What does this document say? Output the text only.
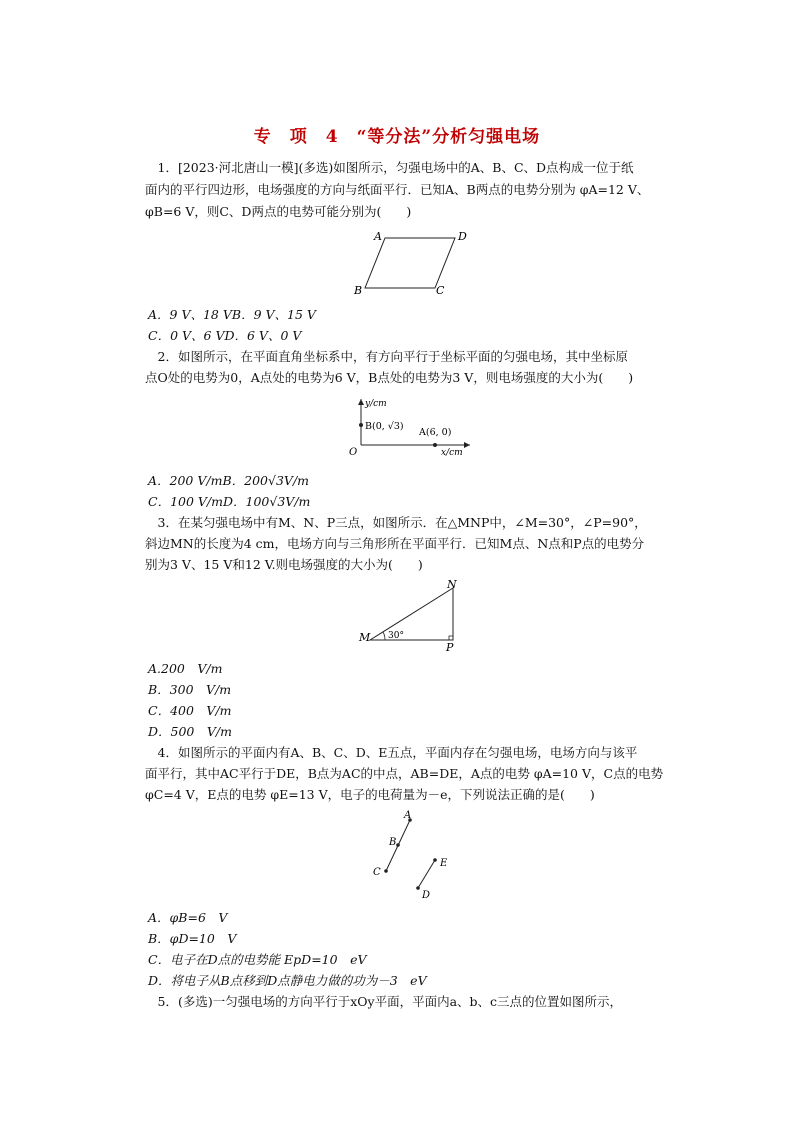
专　项　4　“等分法”分析匀强电场
　1．[2023·河北唐山一模](多选)如图所示，匀强电场中的A、B、C、D点构成一位于纸
面内的平行四边形，电场强度的方向与纸面平行．已知A、B两点的电势分别为 φA=12 V、
φB=6 V，则C、D两点的电势可能分别为(　　)
A	D
B	C
A．9 V、18 VB．9 V、15 V
C．0 V、6 VD．6 V、0 V
　2．如图所示，在平面直角坐标系中，有方向平行于坐标平面的匀强电场，其中坐标原
点O处的电势为0，A点处的电势为6 V，B点处的电势为3 V，则电场强度的大小为(　　)
y/cm
x/cm
O
B(0, √3)
A(6, 0)
A．200 V/mB．200√3V/m
C．100 V/mD．100√3V/m
　3．在某匀强电场中有M、N、P三点，如图所示．在△MNP中，∠M=30°，∠P=90°，
斜边MN的长度为4 cm，电场方向与三角形所在平面平行．已知M点、N点和P点的电势分
别为3 V、15 V和12 V.则电场强度的大小为(　　)
N
M
P
30°
A.200　V/m
B．300　V/m
C．400　V/m
D．500　V/m
　4．如图所示的平面内有A、B、C、D、E五点，平面内存在匀强电场，电场方向与该平
面平行，其中AC平行于DE，B点为AC的中点，AB=DE，A点的电势 φA=10 V，C点的电势
φC=4 V，E点的电势 φE=13 V，电子的电荷量为－e，下列说法正确的是(　　)
A
B
C
E
D
A．φB=6　V
B．φD=10　V
C．电子在D点的电势能 EpD=10　eV
D．将电子从B点移到D点静电力做的功为－3　eV
　5．(多选)一匀强电场的方向平行于xOy平面，平面内a、b、c三点的位置如图所示，
